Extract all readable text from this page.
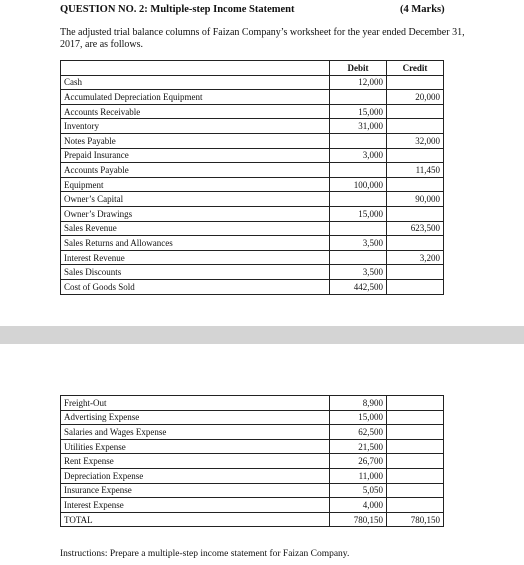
QUESTION NO. 2: Multiple-step Income Statement	(4 Marks)
The adjusted trial balance columns of Faizan Company’s worksheet for the year ended December 31, 2017, are as follows.
	Debit	Credit
Cash	12,000	
Accumulated Depreciation Equipment		20,000
Accounts Receivable	15,000	
Inventory	31,000	
Notes Payable		32,000
Prepaid Insurance	3,000	
Accounts Payable		11,450
Equipment	100,000	
Owner’s Capital		90,000
Owner’s Drawings	15,000	
Sales Revenue		623,500
Sales Returns and Allowances	3,500	
Interest Revenue		3,200
Sales Discounts	3,500	
Cost of Goods Sold	442,500	
Freight-Out	8,900	
Advertising Expense	15,000	
Salaries and Wages Expense	62,500	
Utilities Expense	21,500	
Rent Expense	26,700	
Depreciation Expense	11,000	
Insurance Expense	5,050	
Interest Expense	4,000	
TOTAL	780,150	780,150
Instructions: Prepare a multiple-step income statement for Faizan Company.
